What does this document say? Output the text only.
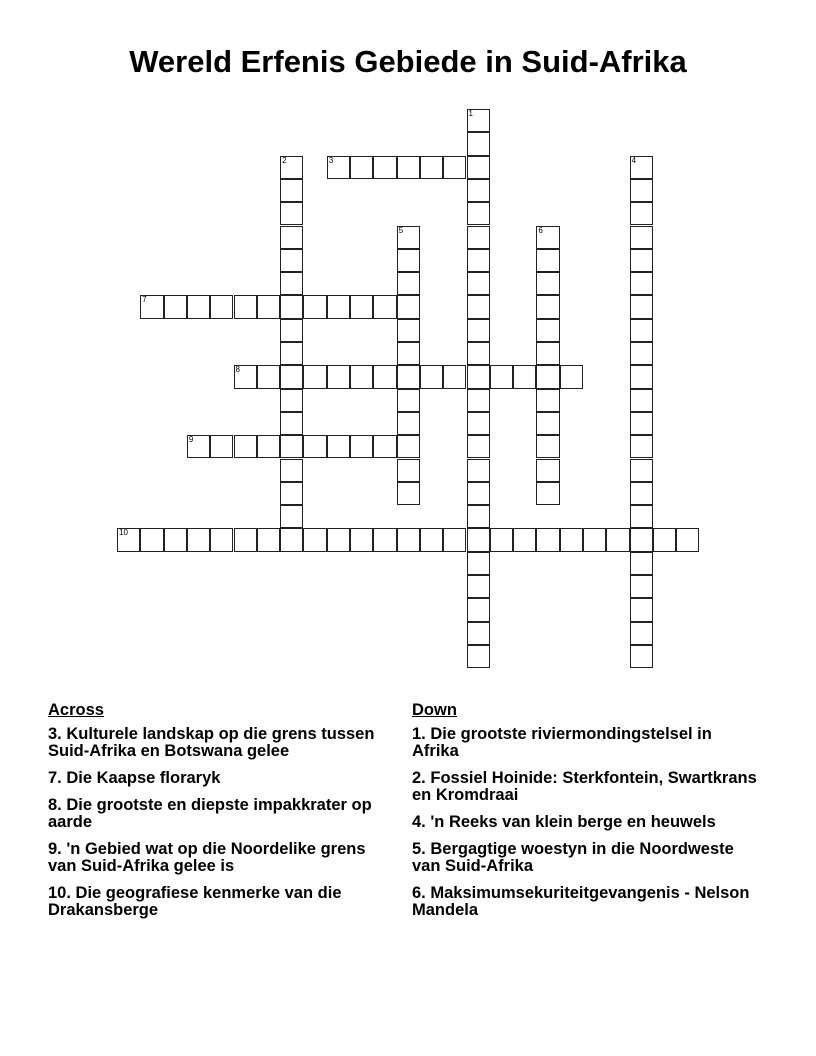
Wereld Erfenis Gebiede in Suid-Afrika
3
7
8
9
10
1
2	4
5	6
Across
3. Kulturele landskap op die grens tussen Suid-Afrika en Botswana gelee
7. Die Kaapse floraryk
8. Die grootste en diepste impakkrater op aarde
9. 'n Gebied wat op die Noordelike grens van Suid-Afrika gelee is
10. Die geografiese kenmerke van die Drakansberge
Down
1. Die grootste riviermondingstelsel in Afrika
2. Fossiel Hoinide: Sterkfontein, Swartkrans en Kromdraai
4. 'n Reeks van klein berge en heuwels
5. Bergagtige woestyn in die Noordweste van Suid-Afrika
6. Maksimumsekuriteitgevangenis - Nelson Mandela
